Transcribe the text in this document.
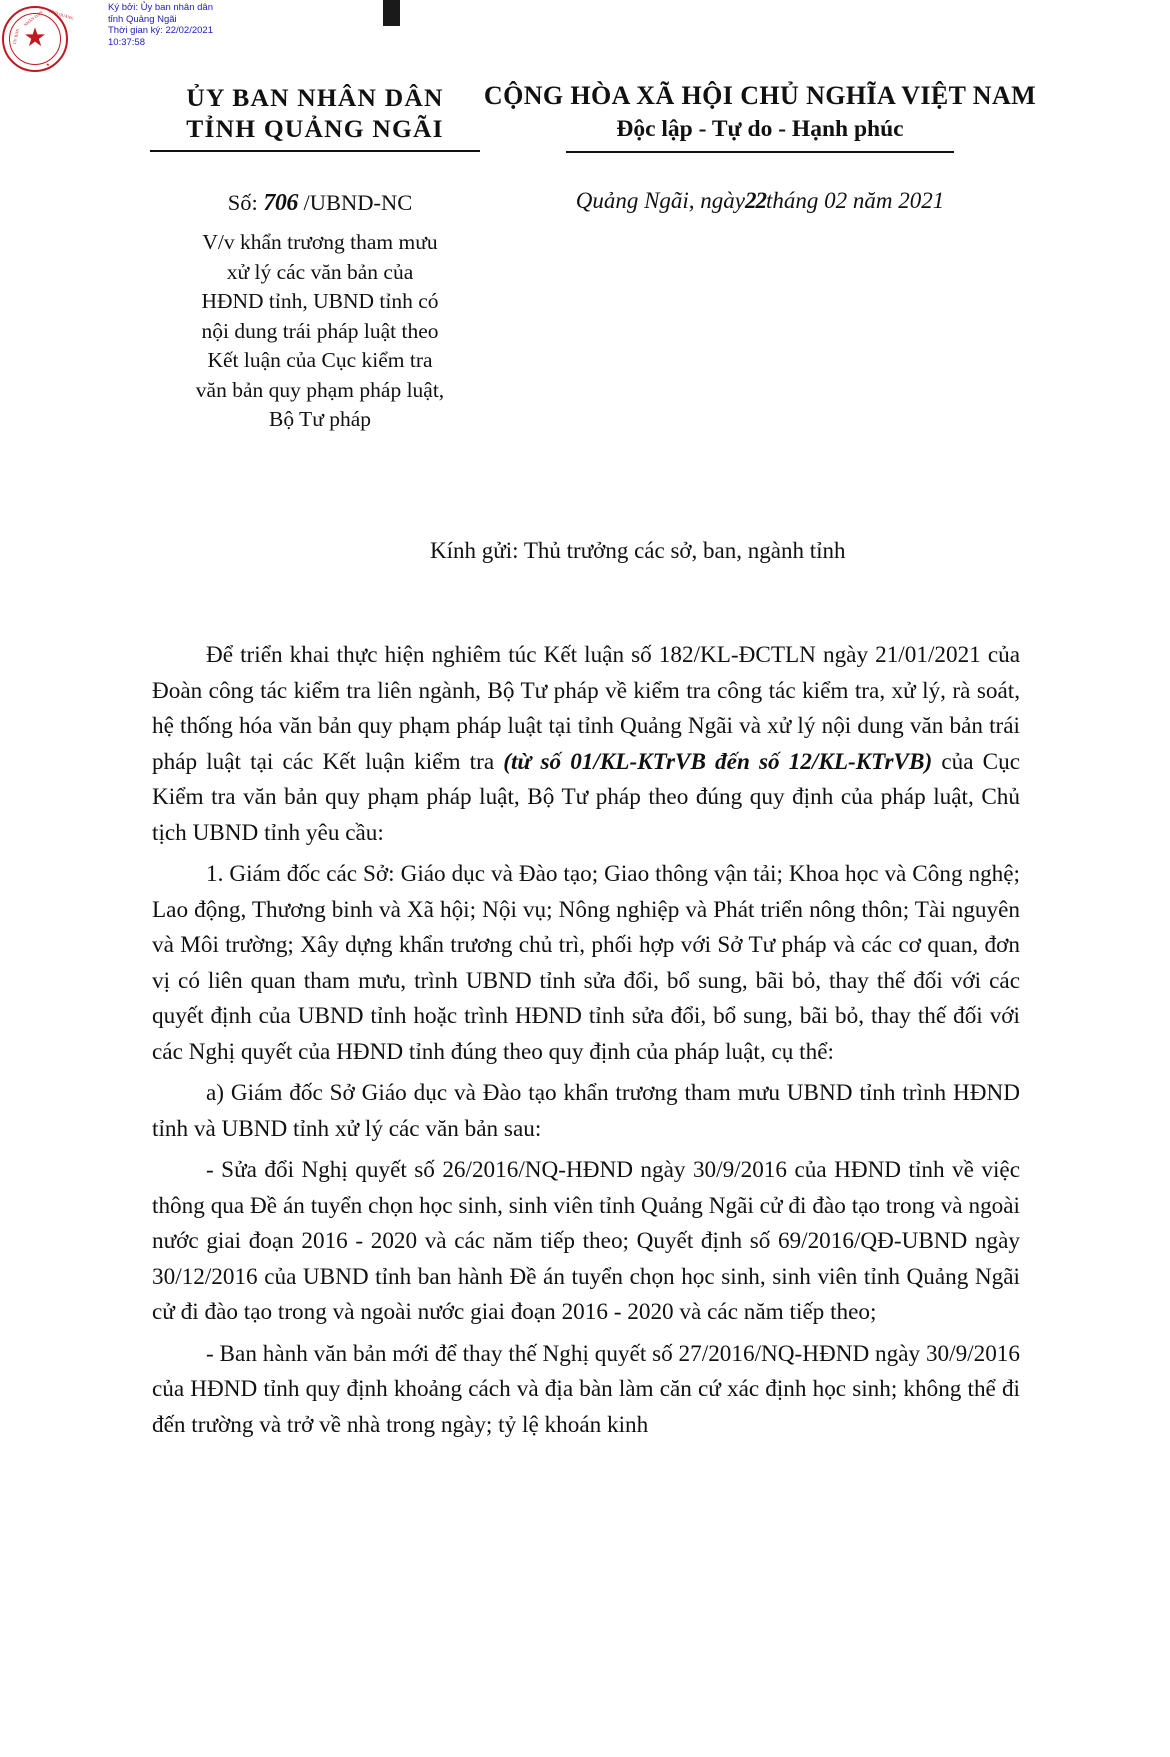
★
ỦY BAN
NHÂN DÂN
★
TỈNH QUẢNG
Ký bởi: Ủy ban nhân dân
tỉnh Quảng Ngãi
Thời gian ký: 22/02/2021
10:37:58
ỦY BAN NHÂN DÂN
TỈNH QUẢNG NGÃI
CỘNG HÒA XÃ HỘI CHỦ NGHĨA VIỆT NAM
Độc lập - Tự do - Hạnh phúc
Số: 706 /UBND-NC	Quảng Ngãi, ngày22tháng 02 năm 2021
V/v khẩn trương tham mưu
xử lý các văn bản của
HĐND tỉnh, UBND tỉnh có
nội dung trái pháp luật theo
Kết luận của Cục kiểm tra
văn bản quy phạm pháp luật,
Bộ Tư pháp
Kính gửi: Thủ trưởng các sở, ban, ngành tỉnh

Để triển khai thực hiện nghiêm túc Kết luận số 182/KL-ĐCTLN ngày 21/01/2021 của Đoàn công tác kiểm tra liên ngành, Bộ Tư pháp về kiểm tra công tác kiểm tra, xử lý, rà soát, hệ thống hóa văn bản quy phạm pháp luật tại tỉnh Quảng Ngãi và xử lý nội dung văn bản trái pháp luật tại các Kết luận kiểm tra (từ số 01/KL-KTrVB đến số 12/KL-KTrVB) của Cục Kiểm tra văn bản quy phạm pháp luật, Bộ Tư pháp theo đúng quy định của pháp luật, Chủ tịch UBND tỉnh yêu cầu:

1. Giám đốc các Sở: Giáo dục và Đào tạo; Giao thông vận tải; Khoa học và Công nghệ; Lao động, Thương binh và Xã hội; Nội vụ; Nông nghiệp và Phát triển nông thôn; Tài nguyên và Môi trường; Xây dựng khẩn trương chủ trì, phối hợp với Sở Tư pháp và các cơ quan, đơn vị có liên quan tham mưu, trình UBND tỉnh sửa đổi, bổ sung, bãi bỏ, thay thế đối với các quyết định của UBND tỉnh hoặc trình HĐND tỉnh sửa đổi, bổ sung, bãi bỏ, thay thế đối với các Nghị quyết của HĐND tỉnh đúng theo quy định của pháp luật, cụ thể:

a) Giám đốc Sở Giáo dục và Đào tạo khẩn trương tham mưu UBND tỉnh trình HĐND tỉnh và UBND tỉnh xử lý các văn bản sau:

- Sửa đổi Nghị quyết số 26/2016/NQ-HĐND ngày 30/9/2016 của HĐND tỉnh về việc thông qua Đề án tuyển chọn học sinh, sinh viên tỉnh Quảng Ngãi cử đi đào tạo trong và ngoài nước giai đoạn 2016 - 2020 và các năm tiếp theo; Quyết định số 69/2016/QĐ-UBND ngày 30/12/2016 của UBND tỉnh ban hành Đề án tuyển chọn học sinh, sinh viên tỉnh Quảng Ngãi cử đi đào tạo trong và ngoài nước giai đoạn 2016 - 2020 và các năm tiếp theo;

- Ban hành văn bản mới để thay thế Nghị quyết số 27/2016/NQ-HĐND ngày 30/9/2016 của HĐND tỉnh quy định khoảng cách và địa bàn làm căn cứ xác định học sinh; không thể đi đến trường và trở về nhà trong ngày; tỷ lệ khoán kinh
